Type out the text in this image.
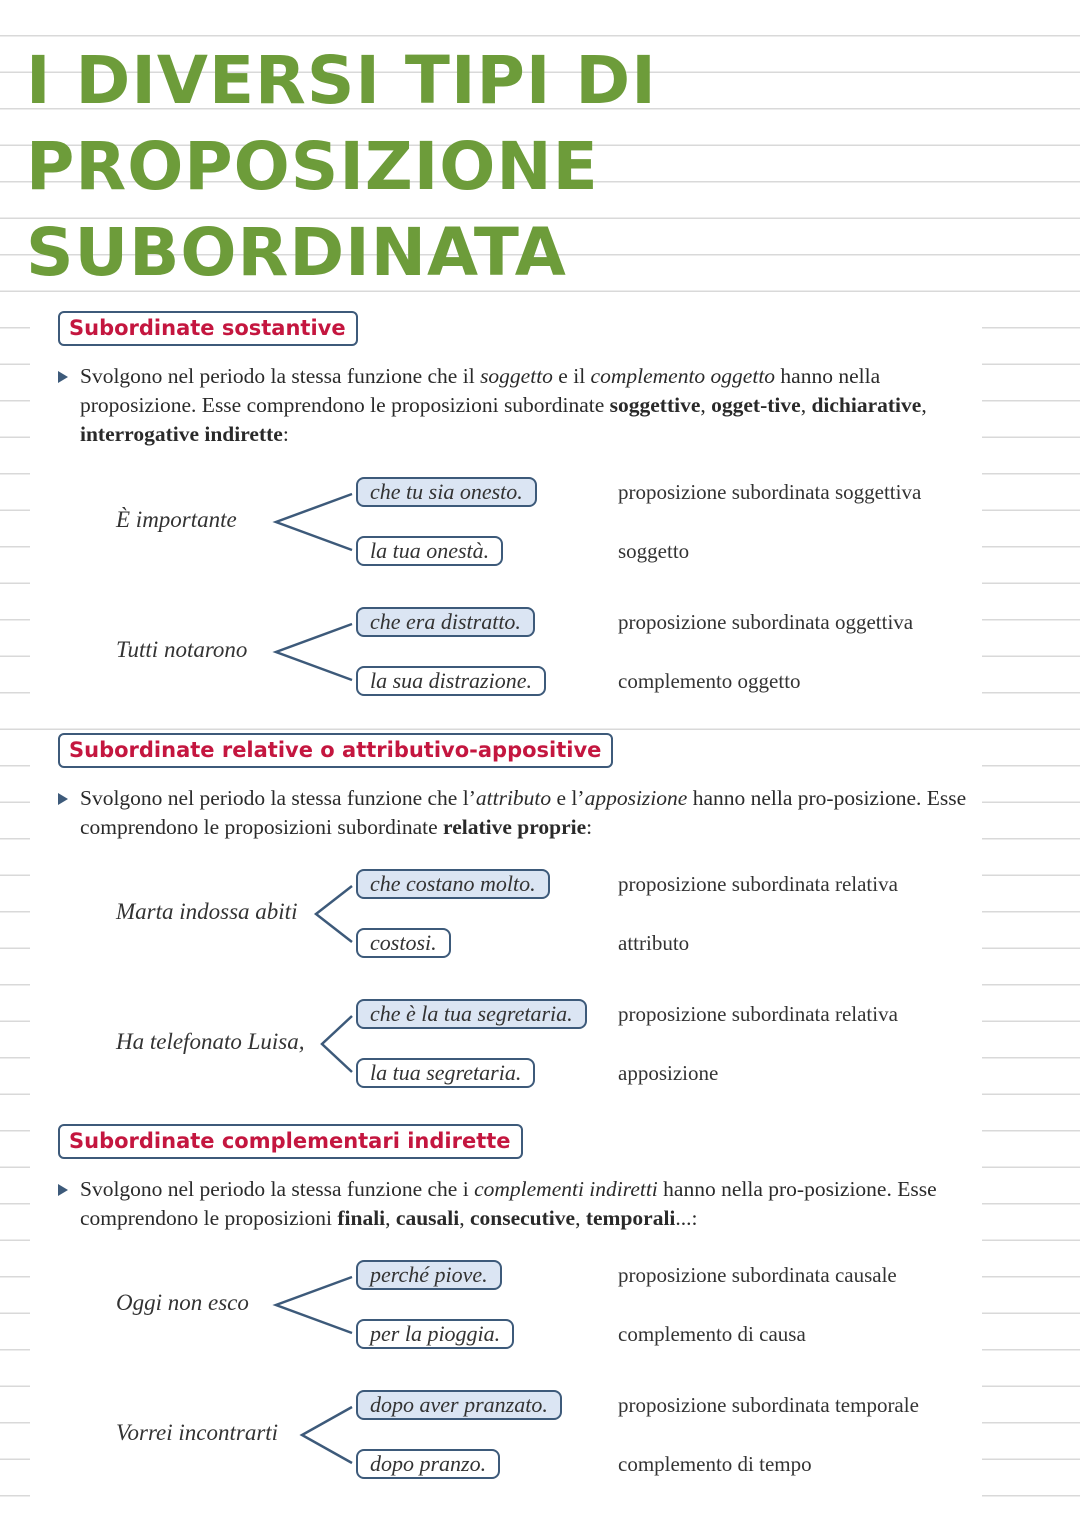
I DIVERSI TIPI DI
PROPOSIZIONE
SUBORDINATA
Subordinate sostantive
Svolgono nel periodo la stessa funzione che il soggetto e il complemento oggetto hanno nella proposizione. Esse comprendono le proposizioni subordinate soggettive, ogget-tive, dichiarative, interrogative indirette:
È importante
che tu sia onesto.	proposizione subordinata soggettiva
la tua onestà.	soggetto
Tutti notarono
che era distratto.	proposizione subordinata oggettiva
la sua distrazione.	complemento oggetto
Subordinate relative o attributivo-appositive
Svolgono nel periodo la stessa funzione che l’attributo e l’apposizione hanno nella pro-posizione. Esse comprendono le proposizioni subordinate relative proprie:
Marta indossa abiti
che costano molto.	proposizione subordinata relativa
costosi.	attributo
Ha telefonato Luisa,
che è la tua segretaria.	proposizione subordinata relativa
la tua segretaria.	apposizione
Subordinate complementari indirette
Svolgono nel periodo la stessa funzione che i complementi indiretti hanno nella pro-posizione. Esse comprendono le proposizioni finali, causali, consecutive, temporali...:
Oggi non esco
perché piove.	proposizione subordinata causale
per la pioggia.	complemento di causa
Vorrei incontrarti
dopo aver pranzato.	proposizione subordinata temporale
dopo pranzo.	complemento di tempo
